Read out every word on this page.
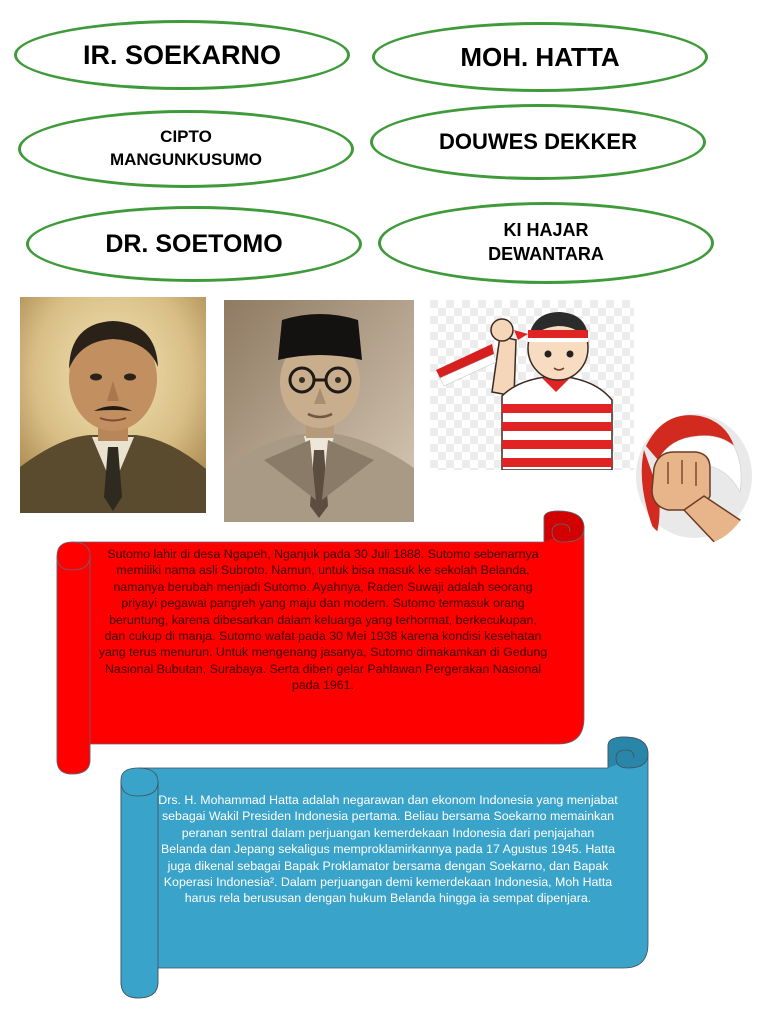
IR. SOEKARNO	MOH. HATTA
CIPTO
MANGUNKUSUMO
DOUWES DEKKER
DR. SOETOMO	KI HAJAR
DEWANTARA
Sutomo lahir di desa Ngapeh, Nganjuk pada 30 Juli 1888. Sutomo sebenarnya memiliki nama asli Subroto. Namun, untuk bisa masuk ke sekolah Belanda, namanya berubah menjadi Sutomo. Ayahnya, Raden Suwaji adalah seorang priyayi pegawai pangreh yang maju dan modern. Sutomo termasuk orang beruntung, karena dibesarkan dalam keluarga yang terhormat, berkecukupan, dan cukup di manja. Sutomo wafat pada 30 Mei 1938 karena kondisi kesehatan yang terus menurun. Untuk mengenang jasanya, Sutomo dimakamkan di Gedung Nasional Bubutan, Surabaya. Serta diberi gelar Pahlawan Pergerakan Nasional pada 1961.
Drs. H. Mohammad Hatta adalah negarawan dan ekonom Indonesia yang menjabat sebagai Wakil Presiden Indonesia pertama. Beliau bersama Soekarno memainkan peranan sentral dalam perjuangan kemerdekaan Indonesia dari penjajahan Belanda dan Jepang sekaligus memproklamirkannya pada 17 Agustus 1945. Hatta juga dikenal sebagai Bapak Proklamator bersama dengan Soekarno, dan Bapak Koperasi Indonesia². Dalam perjuangan demi kemerdekaan Indonesia, Moh Hatta harus rela berususan dengan hukum Belanda hingga ia sempat dipenjara.
